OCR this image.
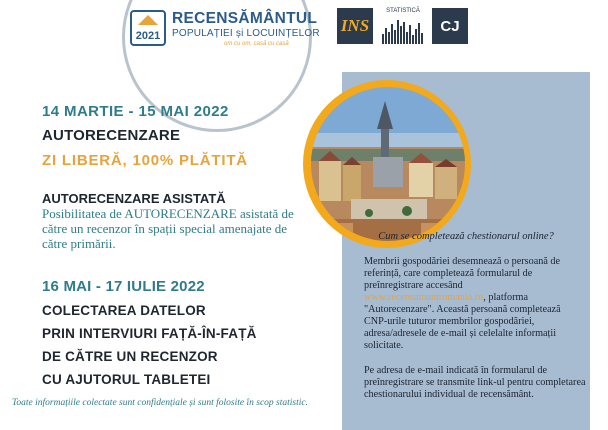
2021
RECENSĂMÂNTUL
POPULAȚIEI și LOCUINȚELOR
om cu om, casă cu casă
INS
STATISTICĂ
CJ
14 MARTIE - 15 MAI 2022
AUTORECENZARE
ZI LIBERĂ, 100% PLĂTITĂ
AUTORECENZARE ASISTATĂ
Posibilitatea de AUTORECENZARE asistată de către un recenzor în spații special amenajate de către primării.
16 MAI - 17 IULIE 2022
COLECTAREA DATELOR
PRIN INTERVIURI FAȚĂ-ÎN-FAȚĂ
DE CĂTRE UN RECENZOR
CU AJUTORUL TABLETEI
Toate informațiile colectate sunt confidențiale și sunt folosite în scop statistic.
Cum se completează chestionarul online?
Membrii gospodăriei desemnează o persoană de referință, care completează formularul de preînregistrare accesând www.recensamantromania.ro, platforma "Autorecenzare". Această persoană completează CNP-urile tuturor membrilor gospodăriei, adresa/adresele de e-mail și celelalte informații solicitate.
Pe adresa de e-mail indicată în formularul de preînregistrare se transmite link-ul pentru completarea chestionarului individual de recensământ.
